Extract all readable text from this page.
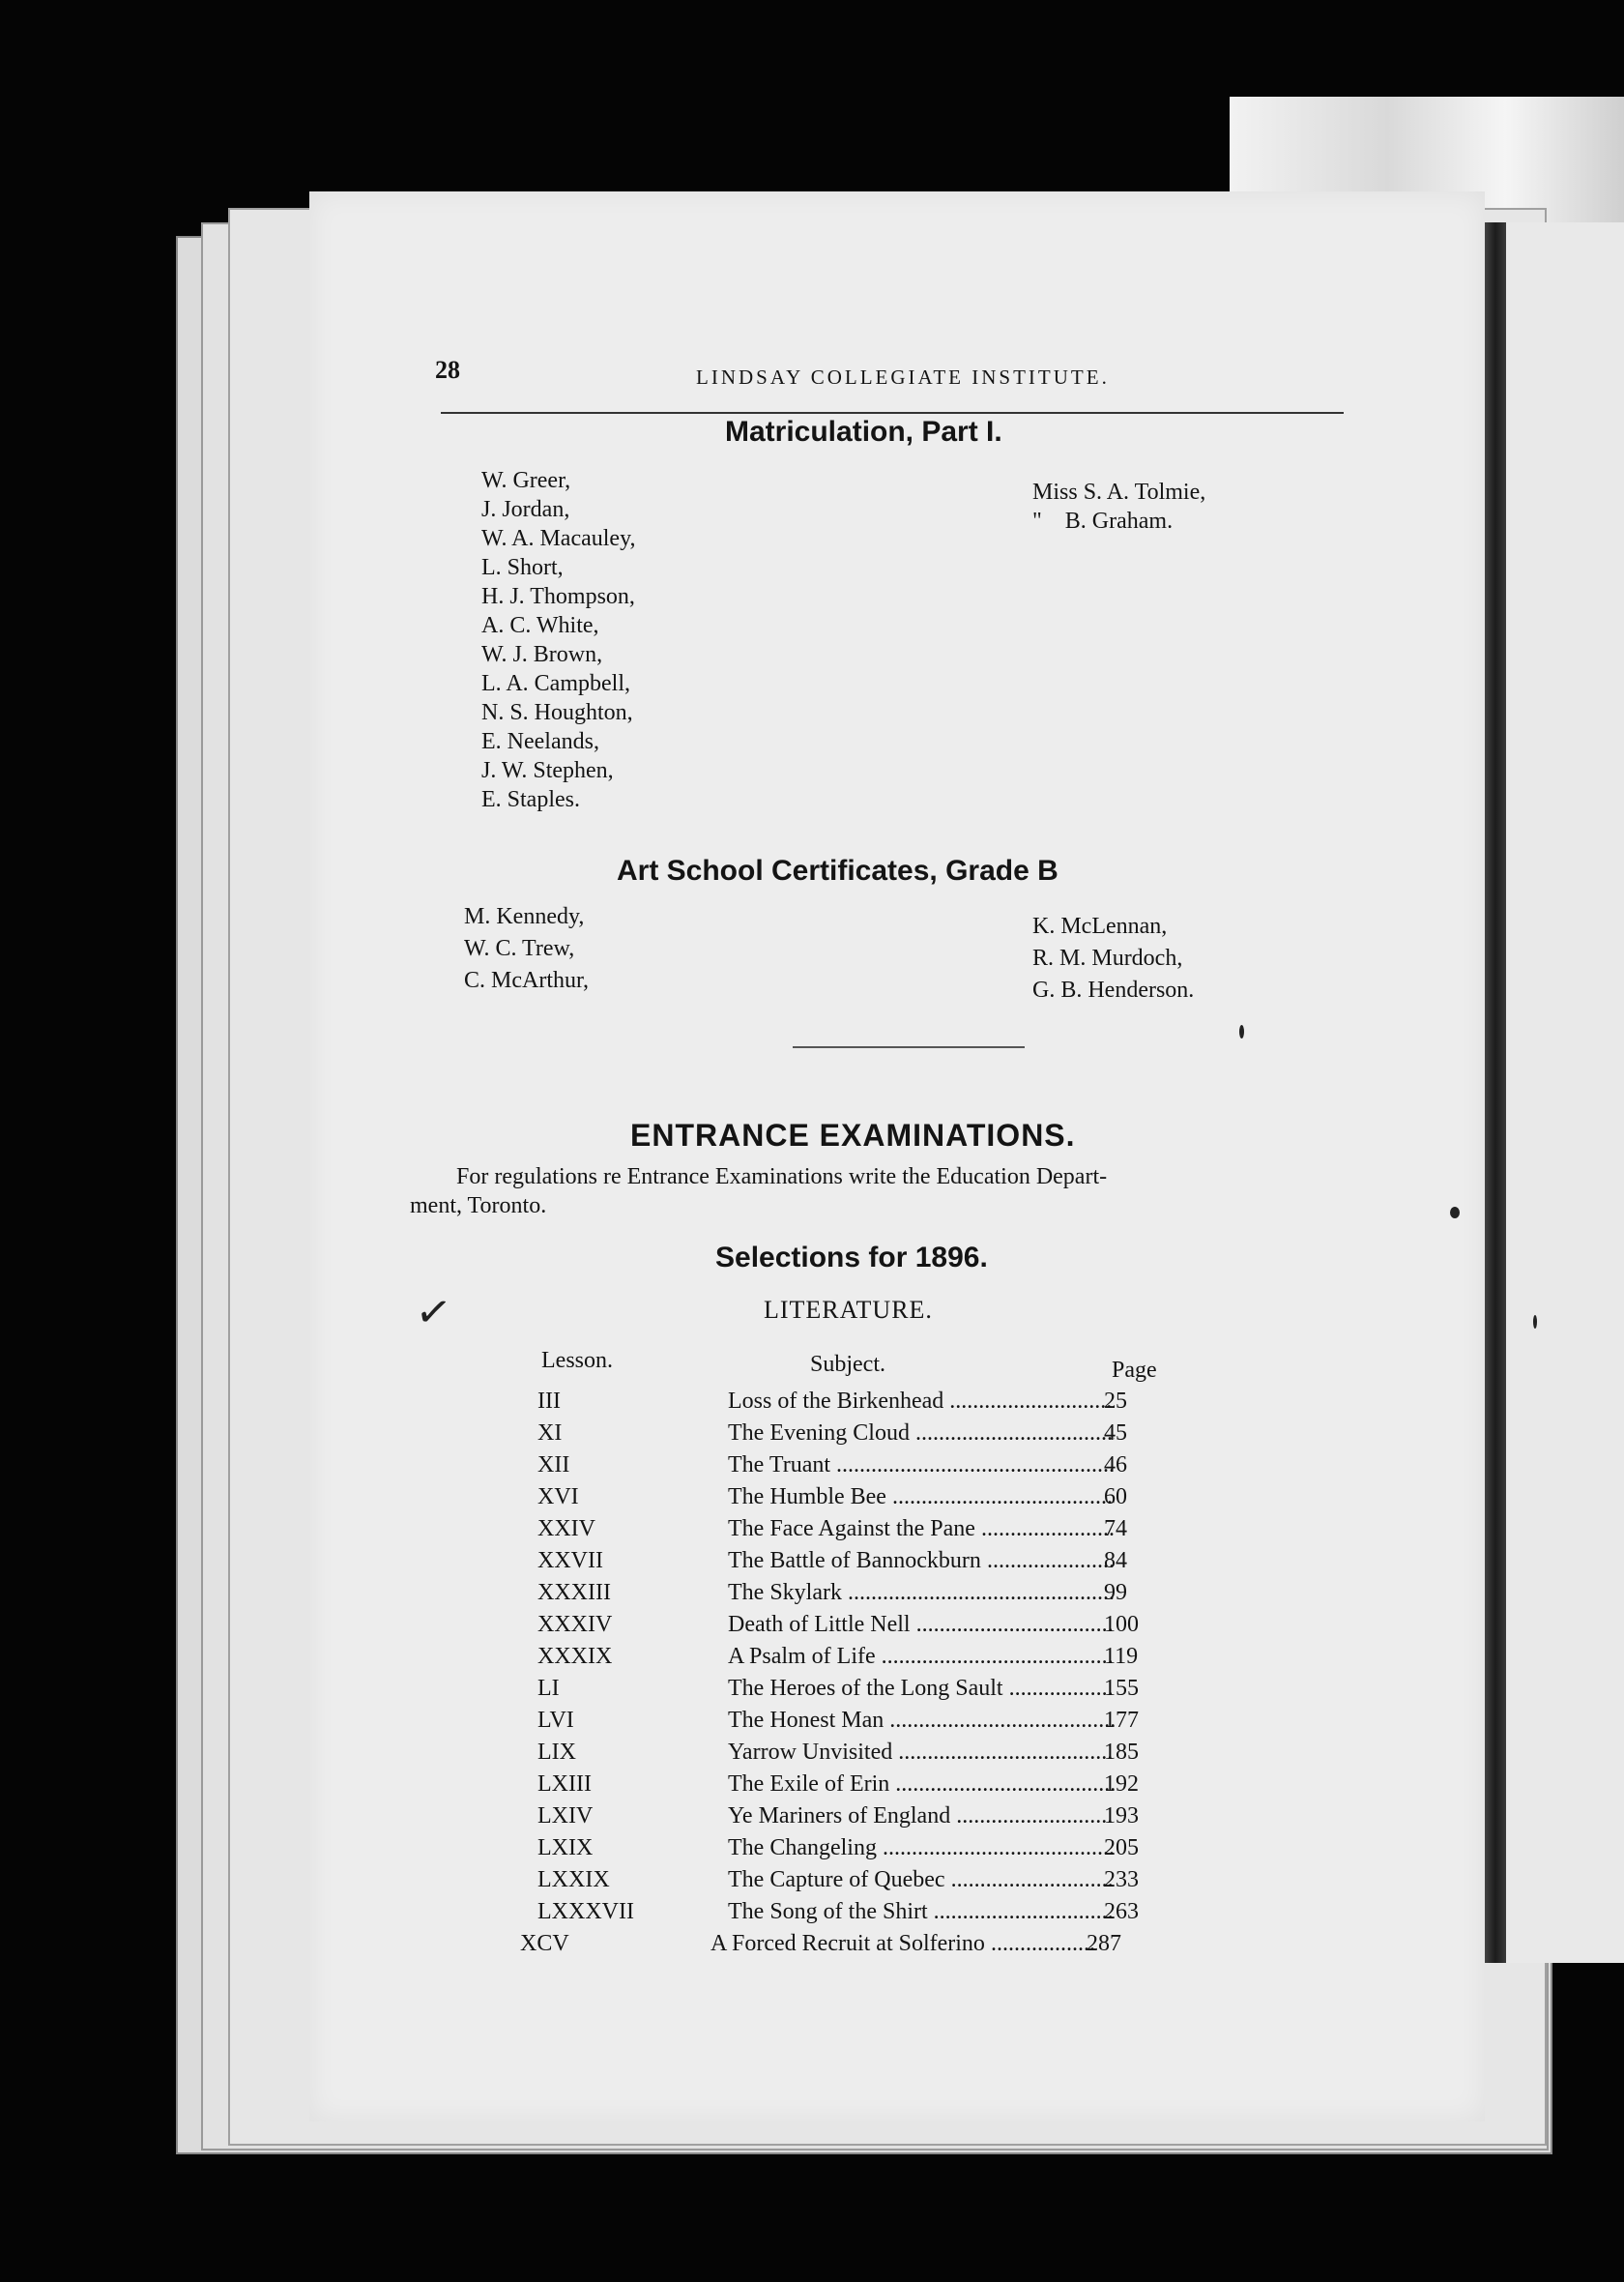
28	LINDSAY COLLEGIATE INSTITUTE.
Matriculation, Part I.
W. Greer,
J. Jordan,
W. A. Macauley,
L. Short,
H. J. Thompson,
A. C. White,
W. J. Brown,
L. A. Campbell,
N. S. Houghton,
E. Neelands,
J. W. Stephen,
E. Staples.
Miss S. A. Tolmie,
"    B. Graham.
Art School Certificates, Grade B
M. Kennedy,
W. C. Trew,
C. McArthur,
K. McLennan,
R. M. Murdoch,
G. B. Henderson.
ENTRANCE EXAMINATIONS.
For regulations re Entrance Examinations write the Education Depart-
ment, Toronto.
Selections for 1896.
LITERATURE.
Lesson.	Subject.	Page
III	Loss of the Birkenhead .....	25
XI	The Evening Cloud .....	45
XII	The Truant .....	46
XVI	The Humble Bee .....	60
XXIV	The Face Against the Pane .....	74
XXVII	The Battle of Bannockburn .....	84
XXXIII	The Skylark .....	99
XXXIV	Death of Little Nell .....	100
XXXIX	A Psalm of Life .....	119
LI	The Heroes of the Long Sault .....	155
LVI	The Honest Man .....	177
LIX	Yarrow Unvisited .....	185
LXIII	The Exile of Erin .....	192
LXIV	Ye Mariners of England .....	193
LXIX	The Changeling .....	205
LXXIX	The Capture of Quebec .....	233
LXXXVII	The Song of the Shirt .....	263
XCV	A Forced Recruit at Solferino .....	287
✓
